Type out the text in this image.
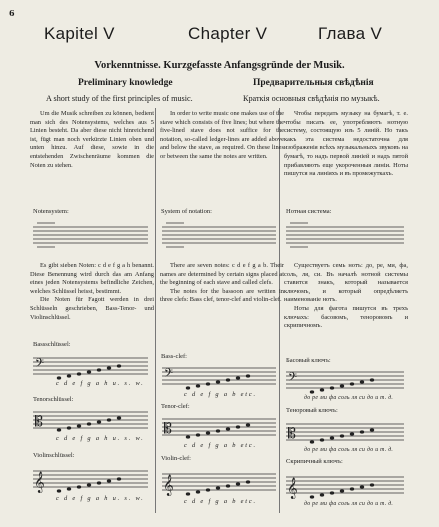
6
Kapitel V	Chapter V	Глава V
Vorkenntnisse. Kurzgefasste Anfangsgründe der Musik.
Preliminary knowledge	Предварительныя свѣдѣнія
A short study of the first principles of music.	Краткія основныя свѣдѣнія по музыкѣ.

Um die Musik schreiben zu können, bedient man sich des Notensystems, welches aus 5 Linien besteht. Da aber diese nicht hinreichend ist, fügt man noch verkürzte Linien oben und unten hinzu. Auf diese, sowie in die entstehenden Zwischenräume kommen die Noten zu stehen.

In order to write music one makes use of the stave which consists of five lines; but where the five-lined stave does not suffice for the notation, so-called ledger-lines are added above and below the stave, as required. On these lines or between the same the notes are written.

Чтобы передать музыку на бумагѣ, т. е. чтобы писать ее, употребляютъ нотную систему, состоящую изъ 5 линій. Но такъ какъ эта система недостаточна для изображенія всѣхъ музыкальныхъ звуковъ на бумагѣ, то надъ первой линіей и надъ пятой прибавляютъ еще укороченныя линіи. Ноты пишутся на линіяхъ и въ промежуткахъ.

Notensystem:	System of notation:	Нотная система:

Es gibt sieben Noten: c d e f g a h benannt. Diese Benennung wird durch das am Anfang eines jeden Notensystems befindliche Zeichen, welches Schlüssel heisst, bestimmt.

Die Noten für Fagott werden in drei Schlüsseln geschrieben, Bass-Tenor- und Violinschlüssel.

There are seven notes: c d e f g a b. Their names are determined by certain signs placed at the beginning of each stave and called clefs.

The notes for the bassoon are written in three clefs: Bass clef, tenor-clef and violin-clef.

Существуетъ семь нотъ: до, ре, ми, фа, соль, ля, си. Въ началѣ нотной системы ставится знакъ, который называется ключомъ, и который опредѣляетъ наименованіе нотъ.

Ноты для фагота пишутся въ трехъ ключахъ: басовомъ, теноровомъ и скрипичномъ.

Bassschlüssel:
Bass-clef:
Басовый ключъ:
𝄢
c d e f g a h u. s. w.
𝄢
c d e f g a b etc.
𝄢
до ре ми фа соль ля си до и т. д.
Tenorschlüssel:
Tenor-clef:
Теноровый ключъ:
𝄡
c d e f g a h u. s. w.
𝄡
c d e f g a b etc.
𝄡
до ре ми фа соль ля си до и т. д.
Violinschlüssel:	Violin-clef:	Скрипичный ключъ:
𝄞
c d e f g a h u. s. w.
𝄞
c d e f g a b etc.
𝄞
до ре ми фа соль ля си до и т. д.
